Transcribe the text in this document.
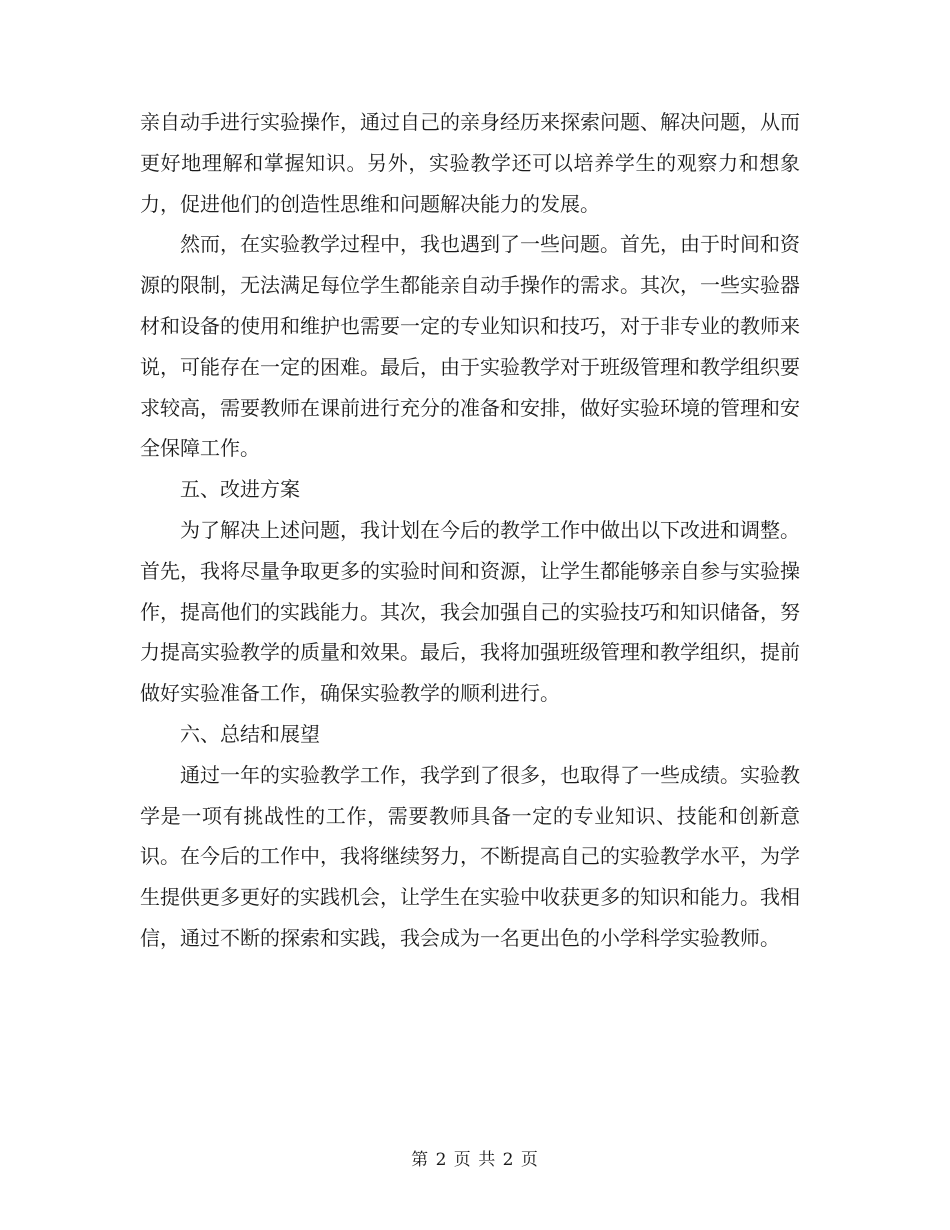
亲自动手进行实验操作，通过自己的亲身经历来探索问题、解决问题，从而更好地理解和掌握知识。另外，实验教学还可以培养学生的观察力和想象力，促进他们的创造性思维和问题解决能力的发展。

然而，在实验教学过程中，我也遇到了一些问题。首先，由于时间和资源的限制，无法满足每位学生都能亲自动手操作的需求。其次，一些实验器材和设备的使用和维护也需要一定的专业知识和技巧，对于非专业的教师来说，可能存在一定的困难。最后，由于实验教学对于班级管理和教学组织要求较高，需要教师在课前进行充分的准备和安排，做好实验环境的管理和安全保障工作。

五、改进方案

为了解决上述问题，我计划在今后的教学工作中做出以下改进和调整。首先，我将尽量争取更多的实验时间和资源，让学生都能够亲自参与实验操作，提高他们的实践能力。其次，我会加强自己的实验技巧和知识储备，努力提高实验教学的质量和效果。最后，我将加强班级管理和教学组织，提前做好实验准备工作，确保实验教学的顺利进行。

六、总结和展望

通过一年的实验教学工作，我学到了很多，也取得了一些成绩。实验教学是一项有挑战性的工作，需要教师具备一定的专业知识、技能和创新意识。在今后的工作中，我将继续努力，不断提高自己的实验教学水平，为学生提供更多更好的实践机会，让学生在实验中收获更多的知识和能力。我相信，通过不断的探索和实践，我会成为一名更出色的小学科学实验教师。

第 2 页 共 2 页
